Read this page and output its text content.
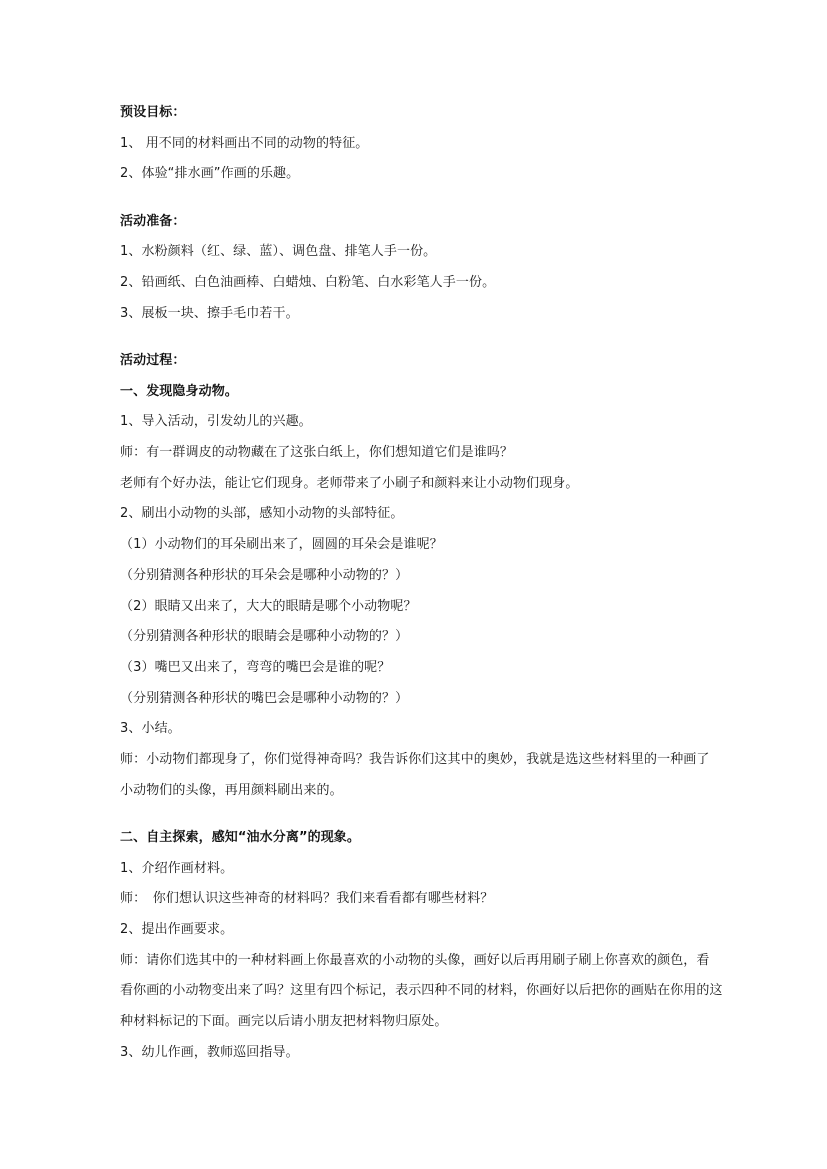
预设目标：

1、 用不同的材料画出不同的动物的特征。

2、体验“排水画”作画的乐趣。

活动准备：

1、水粉颜料（红、绿、蓝）、调色盘、排笔人手一份。

2、铅画纸、白色油画棒、白蜡烛、白粉笔、白水彩笔人手一份。

3、展板一块、擦手毛巾若干。

活动过程：

一、发现隐身动物。

1、导入活动，引发幼儿的兴趣。

师：有一群调皮的动物藏在了这张白纸上，你们想知道它们是谁吗？

老师有个好办法，能让它们现身。老师带来了小刷子和颜料来让小动物们现身。

2、刷出小动物的头部，感知小动物的头部特征。

（1）小动物们的耳朵刷出来了，圆圆的耳朵会是谁呢？

（分别猜测各种形状的耳朵会是哪种小动物的？）

（2）眼睛又出来了，大大的眼睛是哪个小动物呢？

（分别猜测各种形状的眼睛会是哪种小动物的？）

（3）嘴巴又出来了，弯弯的嘴巴会是谁的呢？

（分别猜测各种形状的嘴巴会是哪种小动物的？）

3、小结。

师：小动物们都现身了，你们觉得神奇吗？我告诉你们这其中的奥妙，我就是选这些材料里的一种画了

小动物们的头像，再用颜料刷出来的。

二、自主探索，感知“油水分离”的现象。

1、介绍作画材料。

师：　你们想认识这些神奇的材料吗？我们来看看都有哪些材料？

2、提出作画要求。

师：请你们选其中的一种材料画上你最喜欢的小动物的头像，画好以后再用刷子刷上你喜欢的颜色，看

看你画的小动物变出来了吗？这里有四个标记，表示四种不同的材料，你画好以后把你的画贴在你用的这

种材料标记的下面。画完以后请小朋友把材料物归原处。

3、幼儿作画，教师巡回指导。
